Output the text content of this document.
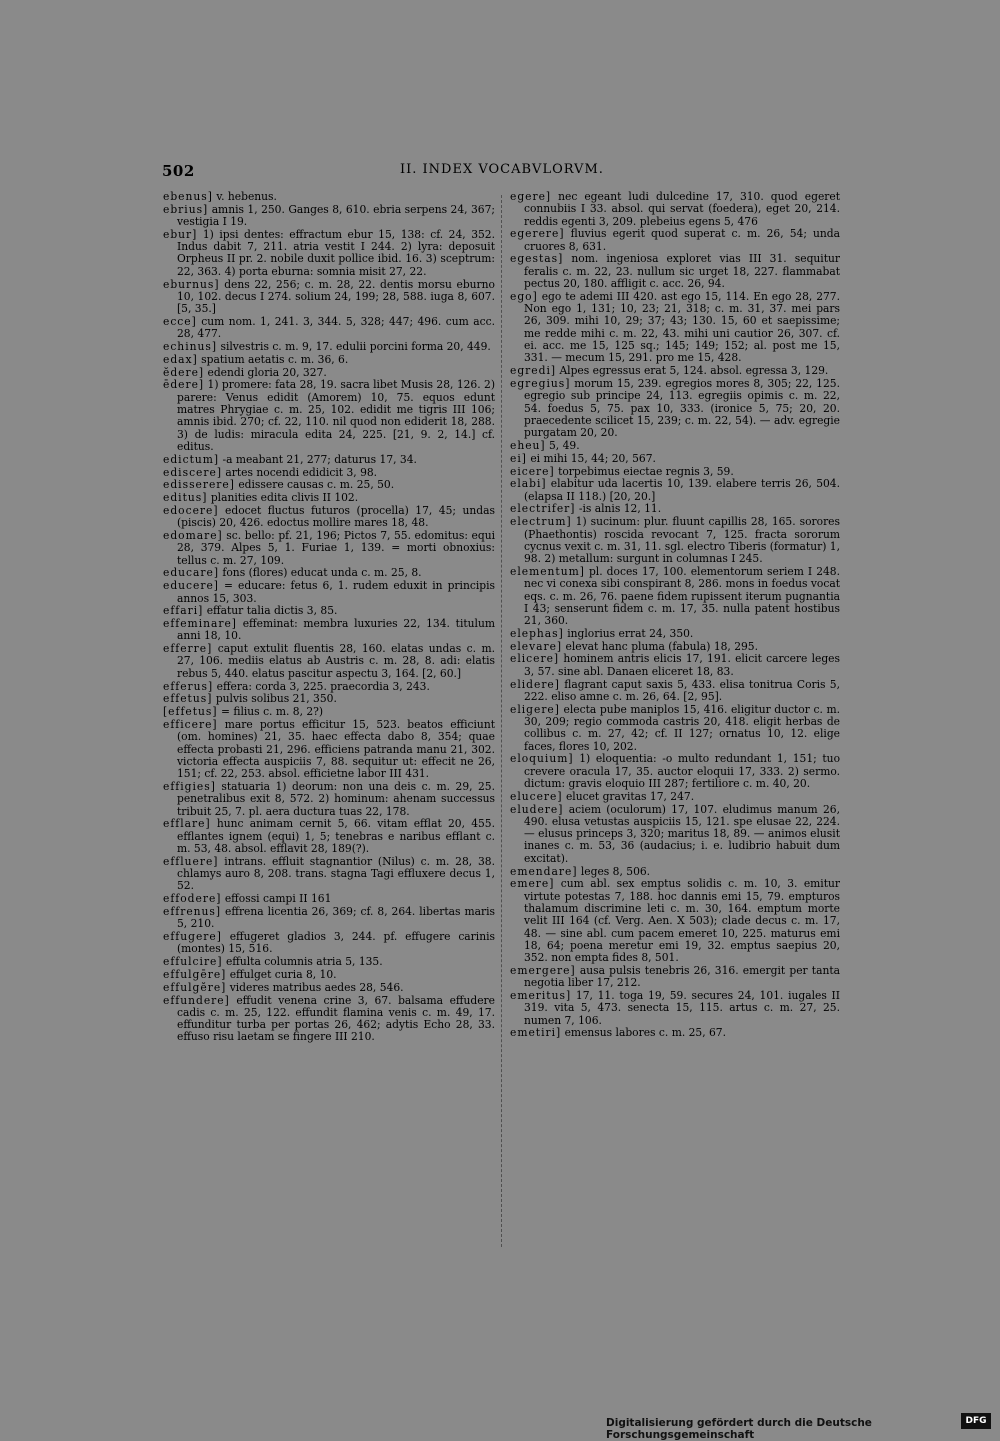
502	II. INDEX VOCABVLORVM.
ebenus] v. hebenus.
ebrius] amnis 1, 250. Ganges 8, 610. ebria serpens 24, 367; vestigia I 19.
ebur] 1) ipsi dentes: effractum ebur 15, 138: cf. 24, 352. Indus dabit 7, 211. atria vestit I 244. 2) lyra: deposuit Orpheus II pr. 2. nobile duxit pollice ibid. 16. 3) sceptrum: 22, 363. 4) porta eburna: somnia misit 27, 22.
eburnus] dens 22, 256; c. m. 28, 22. dentis morsu eburno 10, 102. decus I 274. solium 24, 199; 28, 588. iuga 8, 607. [5, 35.]
ecce] cum nom. 1, 241. 3, 344. 5, 328; 447; 496. cum acc. 28, 477.
echinus] silvestris c. m. 9, 17. edulii porcini forma 20, 449.
edax] spatium aetatis c. m. 36, 6.
ĕdere] edendi gloria 20, 327.
ēdere] 1) promere: fata 28, 19. sacra libet Musis 28, 126. 2) parere: Venus edidit (Amorem) 10, 75. equos edunt matres Phrygiae c. m. 25, 102. edidit me tigris III 106; amnis ibid. 270; cf. 22, 110. nil quod non ediderit 18, 288. 3) de ludis: miracula edita 24, 225. [21, 9. 2, 14.] cf. editus.
edictum] -a meabant 21, 277; daturus 17, 34.
ediscere] artes nocendi edidicit 3, 98.
edisserere] edissere causas c. m. 25, 50.
editus] planities edita clivis II 102.
edocere] edocet fluctus futuros (procella) 17, 45; undas (piscis) 20, 426. edoctus mollire mares 18, 48.
edomare] sc. bello: pf. 21, 196; Pictos 7, 55. edomitus: equi 28, 379. Alpes 5, 1. Furiae 1, 139. = morti obnoxius: tellus c. m. 27, 109.
educare] fons (flores) educat unda c. m. 25, 8.
educere] = educare: fetus 6, 1. rudem eduxit in principis annos 15, 303.
effari] effatur talia dictis 3, 85.
effeminare] effeminat: membra luxuries 22, 134. titulum anni 18, 10.
efferre] caput extulit fluentis 28, 160. elatas undas c. m. 27, 106. mediis elatus ab Austris c. m. 28, 8. adi: elatis rebus 5, 440. elatus pascitur aspectu 3, 164. [2, 60.]
efferus] effera: corda 3, 225. praecordia 3, 243.
effetus] pulvis solibus 21, 350.
[effetus] = filius c. m. 8, 2?)
efficere] mare portus efficitur 15, 523. beatos efficiunt (om. homines) 21, 35. haec effecta dabo 8, 354; quae effecta probasti 21, 296. efficiens patranda manu 21, 302. victoria effecta auspiciis 7, 88. sequitur ut: effecit ne 26, 151; cf. 22, 253. absol. efficietne labor III 431.
effigies] statuaria 1) deorum: non una deis c. m. 29, 25. penetralibus exit 8, 572. 2) hominum: ahenam successus tribuit 25, 7. pl. aera ductura tuas 22, 178.
efflare] hunc animam cernit 5, 66. vitam efflat 20, 455. efflantes ignem (equi) 1, 5; tenebras e naribus efflant c. m. 53, 48. absol. efflavit 28, 189(?).
effluere] intrans. effluit stagnantior (Nilus) c. m. 28, 38. chlamys auro 8, 208. trans. stagna Tagi effluxere decus 1, 52.
effodere] effossi campi II 161
effrenus] effrena licentia 26, 369; cf. 8, 264. libertas maris 5, 210.
effugere] effugeret gladios 3, 244. pf. effugere carinis (montes) 15, 516.
effulcire] effulta columnis atria 5, 135.
effulgēre] effulget curia 8, 10.
effulgĕre] videres matribus aedes 28, 546.
effundere] effudit venena crine 3, 67. balsama effudere cadis c. m. 25, 122. effundit flamina venis c. m. 49, 17. effunditur turba per portas 26, 462; adytis Echo 28, 33. effuso risu laetam se fingere III 210.
egere] nec egeant ludi dulcedine 17, 310. quod egeret connubiis I 33. absol. qui servat (foedera), eget 20, 214. reddis egenti 3, 209. plebeius egens 5, 476
egerere] fluvius egerit quod superat c. m. 26, 54; unda cruores 8, 631.
egestas] nom. ingeniosa exploret vias III 31. sequitur feralis c. m. 22, 23. nullum sic urget 18, 227. flammabat pectus 20, 180. affligit c. acc. 26, 94.
ego] ego te ademi III 420. ast ego 15, 114. En ego 28, 277. Non ego 1, 131; 10, 23; 21, 318; c. m. 31, 37. mei pars 26, 309. mihi 10, 29; 37; 43; 130. 15, 60 et saepissime; me redde mihi c. m. 22, 43. mihi uni cautior 26, 307. cf. ei. acc. me 15, 125 sq.; 145; 149; 152; al. post me 15, 331. — mecum 15, 291. pro me 15, 428.
egredi] Alpes egressus erat 5, 124. absol. egressa 3, 129.
egregius] morum 15, 239. egregios mores 8, 305; 22, 125. egregio sub principe 24, 113. egregiis opimis c. m. 22, 54. foedus 5, 75. pax 10, 333. (ironice 5, 75; 20, 20. praecedente scilicet 15, 239; c. m. 22, 54). — adv. egregie purgatam 20, 20.
eheu] 5, 49.
ei] ei mihi 15, 44; 20, 567.
eicere] torpebimus eiectae regnis 3, 59.
elabi] elabitur uda lacertis 10, 139. elabere terris 26, 504. (elapsa II 118.) [20, 20.]
electrifer] -is alnis 12, 11.
electrum] 1) sucinum: plur. fluunt capillis 28, 165. sorores (Phaethontis) roscida revocant 7, 125. fracta sororum cycnus vexit c. m. 31, 11. sgl. electro Tiberis (formatur) 1, 98. 2) metallum: surgunt in columnas I 245.
elementum] pl. doces 17, 100. elementorum seriem I 248. nec vi conexa sibi conspirant 8, 286. mons in foedus vocat eqs. c. m. 26, 76. paene fidem rupissent iterum pugnantia I 43; senserunt fidem c. m. 17, 35. nulla patent hostibus 21, 360.
elephas] inglorius errat 24, 350.
elevare] elevat hanc pluma (fabula) 18, 295.
elicere] hominem antris elicis 17, 191. elicit carcere leges 3, 57. sine abl. Danaen eliceret 18, 83.
elidere] flagrant caput saxis 5, 433. elisa tonitrua Coris 5, 222. eliso amne c. m. 26, 64. [2, 95].
eligere] electa pube maniplos 15, 416. eligitur ductor c. m. 30, 209; regio commoda castris 20, 418. eligit herbas de collibus c. m. 27, 42; cf. II 127; ornatus 10, 12. elige faces, flores 10, 202.
eloquium] 1) eloquentia: -o multo redundant 1, 151; tuo crevere oracula 17, 35. auctor eloquii 17, 333. 2) sermo. dictum: gravis eloquio III 287; fertiliore c. m. 40, 20.
elucere] elucet gravitas 17, 247.
eludere] aciem (oculorum) 17, 107. eludimus manum 26, 490. elusa vetustas auspiciis 15, 121. spe elusae 22, 224. — elusus princeps 3, 320; maritus 18, 89. — animos elusit inanes c. m. 53, 36 (audacius; i. e. ludibrio habuit dum excitat).
emendare] leges 8, 506.
emere] cum abl. sex emptus solidis c. m. 10, 3. emitur virtute potestas 7, 188. hoc dannis emi 15, 79. empturos thalamum discrimine leti c. m. 30, 164. emptum morte velit III 164 (cf. Verg. Aen. X 503); clade decus c. m. 17, 48. — sine abl. cum pacem emeret 10, 225. maturus emi 18, 64; poena meretur emi 19, 32. emptus saepius 20, 352. non empta fides 8, 501.
emergere] ausa pulsis tenebris 26, 316. emergit per tanta negotia liber 17, 212.
emeritus] 17, 11. toga 19, 59. secures 24, 101. iugales II 319. vita 5, 473. senecta 15, 115. artus c. m. 27, 25. numen 7, 106.
emetiri] emensus labores c. m. 25, 67.
Digitalisierung gefördert durch die Deutsche Forschungsgemeinschaft
DFG
